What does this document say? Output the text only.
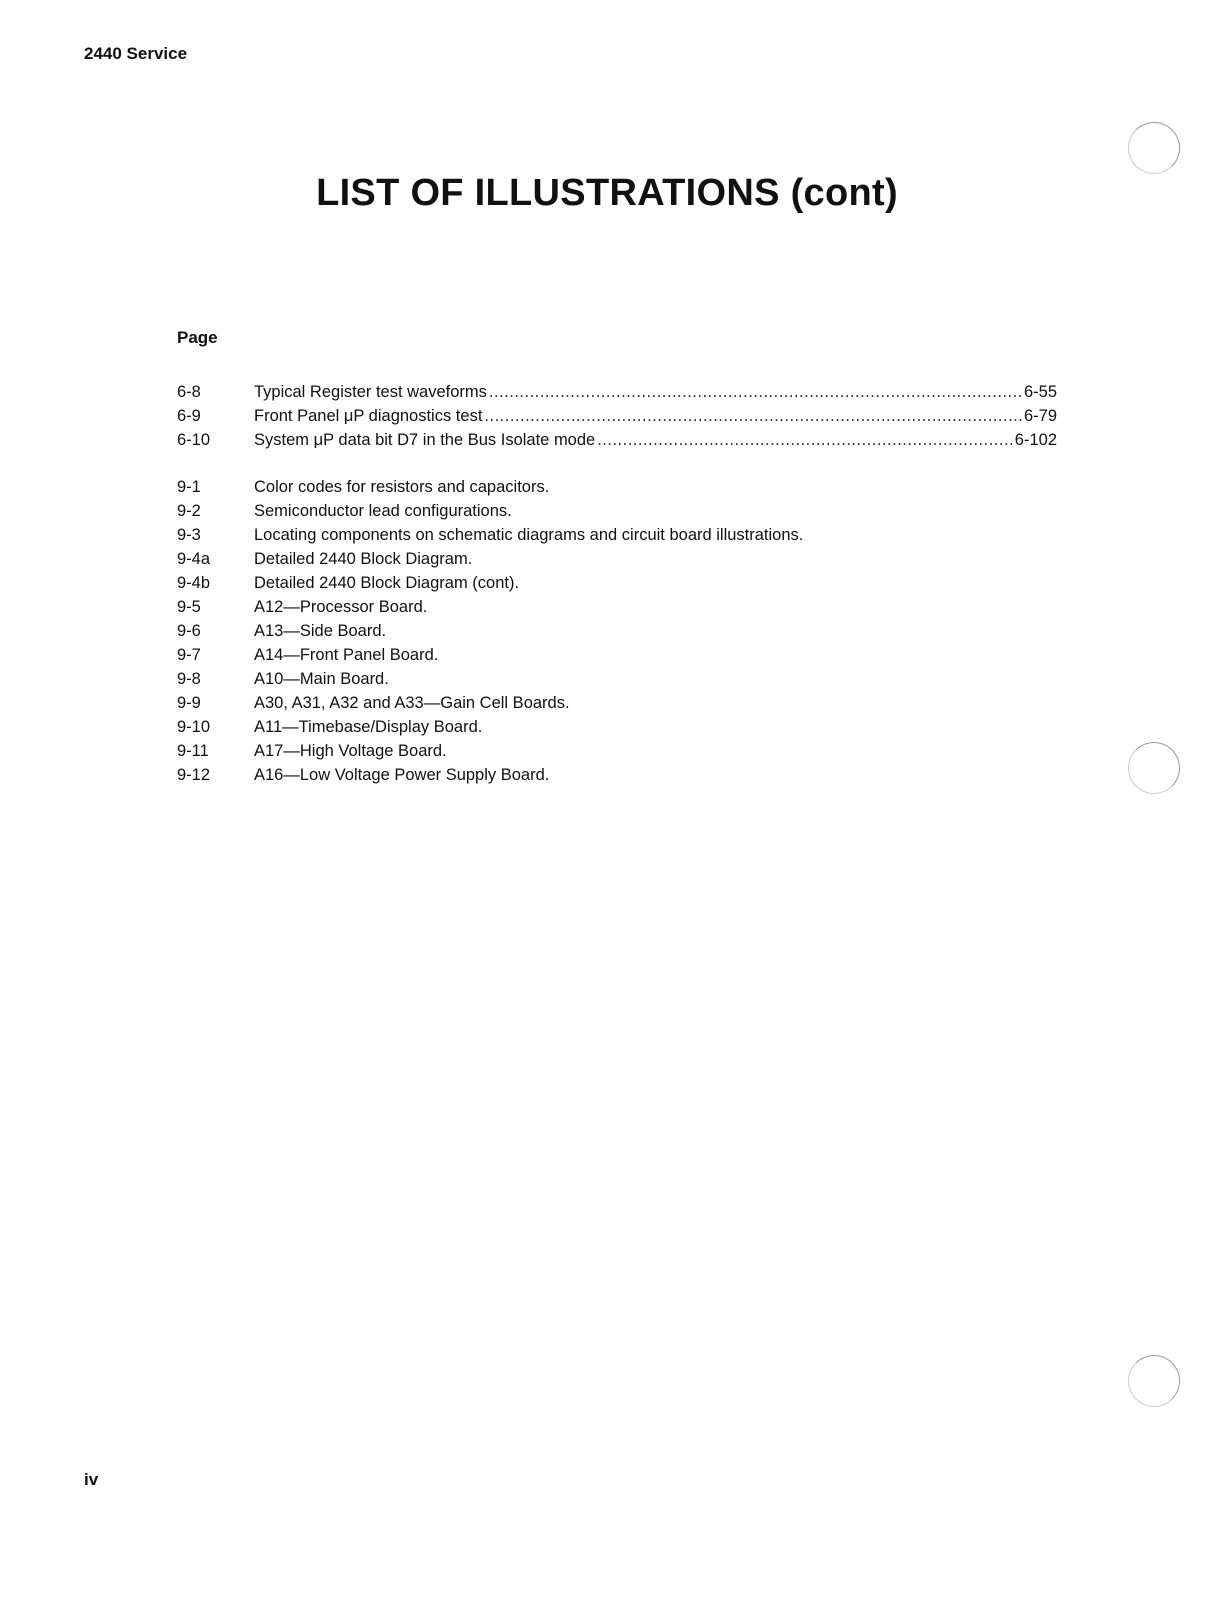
2440 Service
LIST OF ILLUSTRATIONS (cont)
Page
6-8	Typical Register test waveforms .....	6-55
6-9	Front Panel μP diagnostics test .....	6-79
6-10	System μP data bit D7 in the Bus Isolate mode .....	6-102
9-1	Color codes for resistors and capacitors.
9-2	Semiconductor lead configurations.
9-3	Locating components on schematic diagrams and circuit board illustrations.
9-4a	Detailed 2440 Block Diagram.
9-4b	Detailed 2440 Block Diagram (cont).
9-5	A12—Processor Board.
9-6	A13—Side Board.
9-7	A14—Front Panel Board.
9-8	A10—Main Board.
9-9	A30, A31, A32 and A33—Gain Cell Boards.
9-10	A11—Timebase/Display Board.
9-11	A17—High Voltage Board.
9-12	A16—Low Voltage Power Supply Board.
iv
